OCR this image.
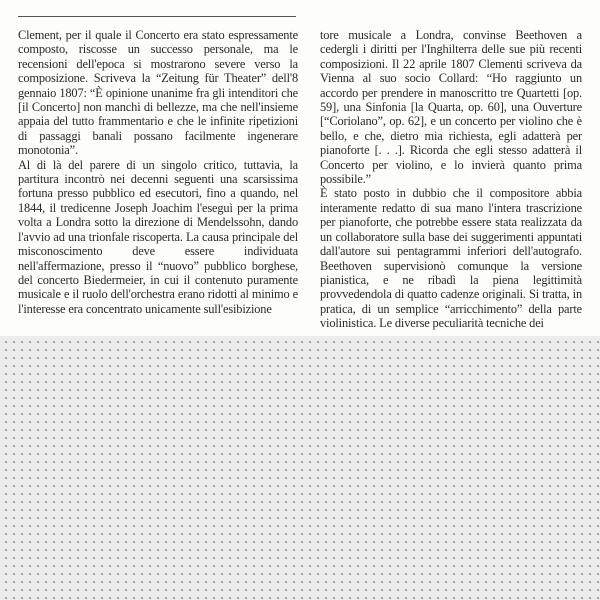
Clement, per il quale il Concerto era stato espressamente composto, riscosse un successo personale, ma le recensioni dell'epoca si mostrarono severe verso la composizione. Scriveva la “Zeitung für Theater” dell'8 gennaio 1807: “È opinione unanime fra gli intenditori che [il Concerto] non manchi di bellezze, ma che nell'insieme appaia del tutto frammentario e che le infinite ripetizioni di passaggi banali possano facilmente ingenerare monotonia”.

Al di là del parere di un singolo critico, tuttavia, la partitura incontrò nei decenni seguenti una scarsissima fortuna presso pubblico ed esecutori, fino a quando, nel 1844, il tredicenne Joseph Joachim l'eseguì per la prima volta a Londra sotto la direzione di Mendelssohn, dando l'avvio ad una trionfale riscoperta. La causa principale del misconoscimento deve essere individuata nell'affermazione, presso il “nuovo” pubblico borghese, del concerto Biedermeier, in cui il contenuto puramente musicale e il ruolo dell'orchestra erano ridotti al minimo e l'interesse era concentrato unicamente sull'esibizione

tore musicale a Londra, convinse Beethoven a cedergli i diritti per l'Inghilterra delle sue più recenti composizioni. Il 22 aprile 1807 Clementi scriveva da Vienna al suo socio Collard: “Ho raggiunto un accordo per prendere in manoscritto tre Quartetti [op. 59], una Sinfonia [la Quarta, op. 60], una Ouverture [“Coriolano”, op. 62], e un concerto per violino che è bello, e che, dietro mia richiesta, egli adatterà per pianoforte [. . .]. Ricorda che egli stesso adatterà il Concerto per violino, e lo invierà quanto prima possibile.”

È stato posto in dubbio che il compositore abbia interamente redatto di sua mano l'intera trascrizione per pianoforte, che potrebbe essere stata realizzata da un collaboratore sulla base dei suggerimenti appuntati dall'autore sui pentagrammi inferiori dell'autografo. Beethoven supervisionò comunque la versione pianistica, e ne ribadì la piena legittimità provvedendola di quatto cadenze originali. Si tratta, in pratica, di un semplice “arricchimento” della parte violinistica. Le diverse peculiarità tecniche dei
